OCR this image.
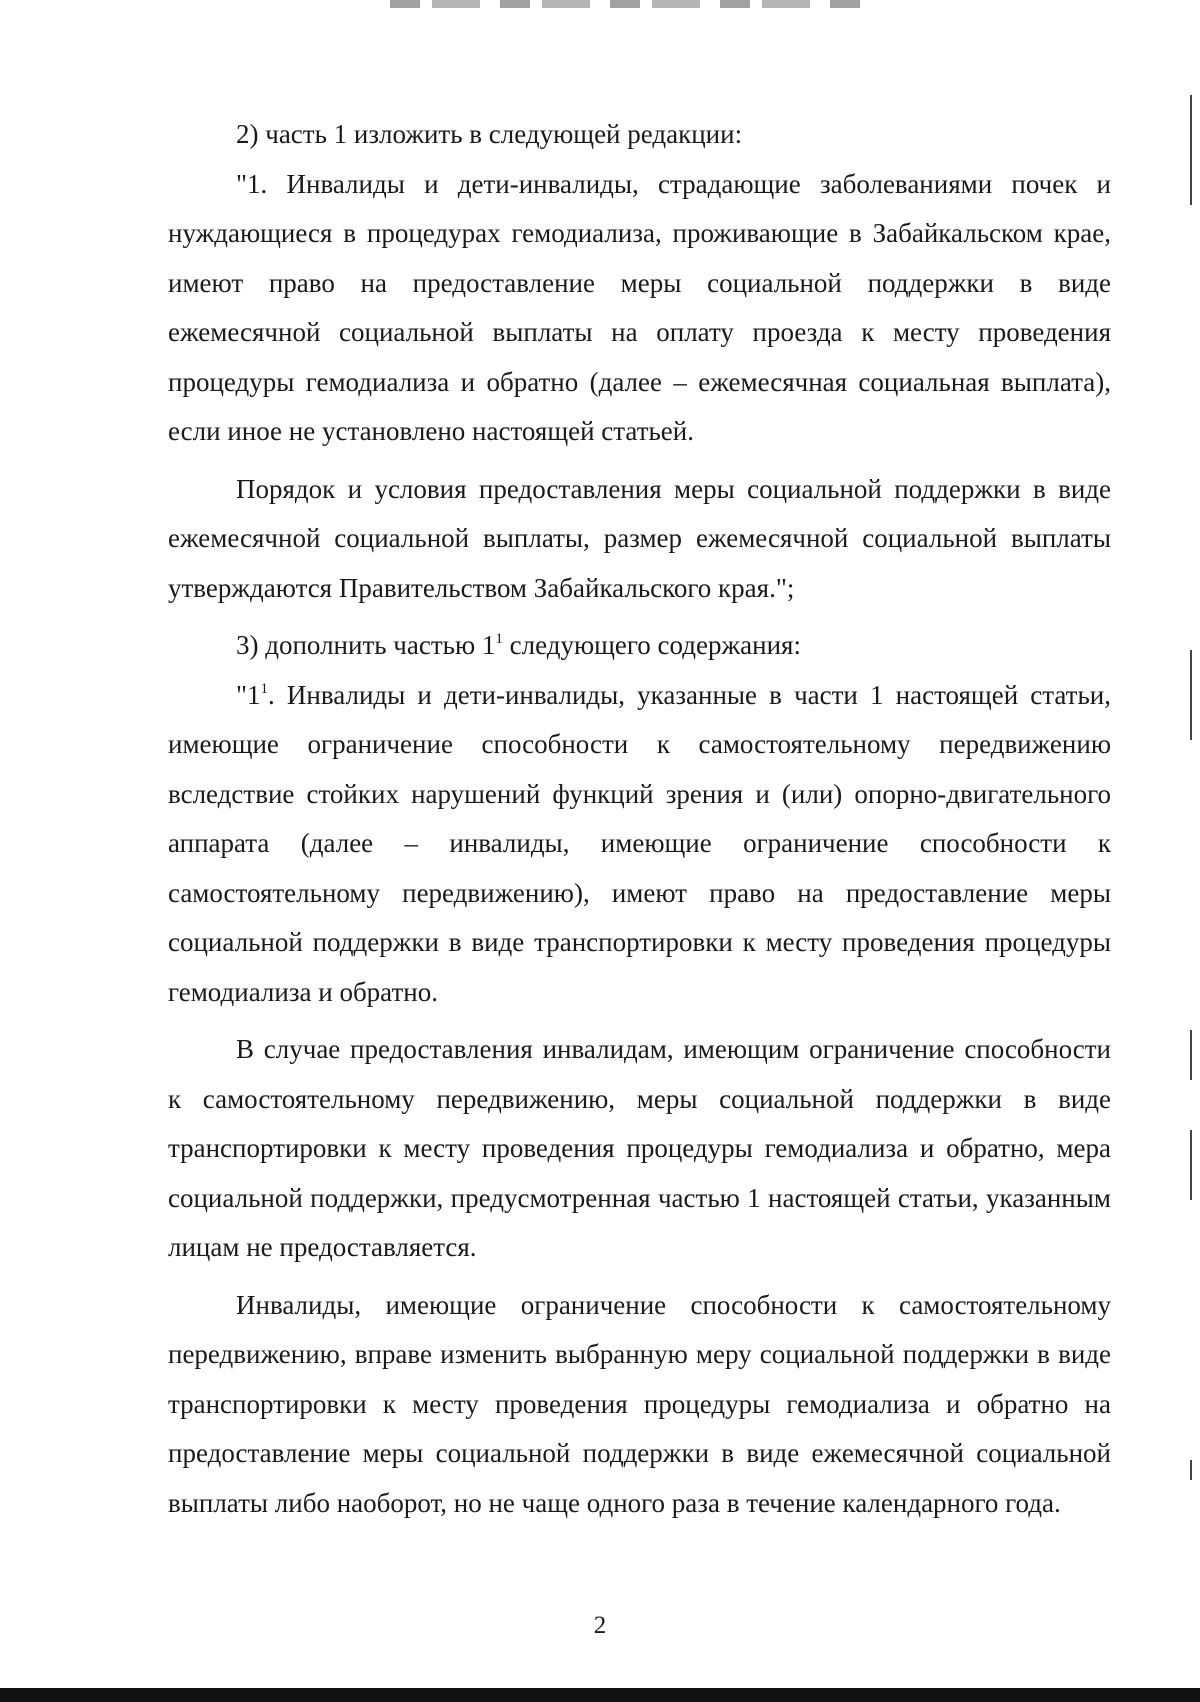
2) часть 1 изложить в следующей редакции:

"1. Инвалиды и дети-инвалиды, страдающие заболеваниями почек и нуждающиеся в процедурах гемодиализа, проживающие в Забайкальском крае, имеют право на предоставление меры социальной поддержки в виде ежемесячной социальной выплаты на оплату проезда к месту проведения процедуры гемодиализа и обратно (далее – ежемесячная социальная выплата), если иное не установлено настоящей статьей.

Порядок и условия предоставления меры социальной поддержки в виде ежемесячной социальной выплаты, размер ежемесячной социальной выплаты утверждаются Правительством Забайкальского края.";

3) дополнить частью $1^1$ следующего содержания:

"$1^1$. Инвалиды и дети-инвалиды, указанные в части 1 настоящей статьи, имеющие ограничение способности к самостоятельному передвижению вследствие стойких нарушений функций зрения и (или) опорно-двигательного аппарата (далее – инвалиды, имеющие ограничение способности к самостоятельному передвижению), имеют право на предоставление меры социальной поддержки в виде транспортировки к месту проведения процедуры гемодиализа и обратно.

В случае предоставления инвалидам, имеющим ограничение способности к самостоятельному передвижению, меры социальной поддержки в виде транспортировки к месту проведения процедуры гемодиализа и обратно, мера социальной поддержки, предусмотренная частью 1 настоящей статьи, указанным лицам не предоставляется.

Инвалиды, имеющие ограничение способности к самостоятельному передвижению, вправе изменить выбранную меру социальной поддержки в виде транспортировки к месту проведения процедуры гемодиализа и обратно на предоставление меры социальной поддержки в виде ежемесячной социальной выплаты либо наоборот, но не чаще одного раза в течение календарного года.

2
